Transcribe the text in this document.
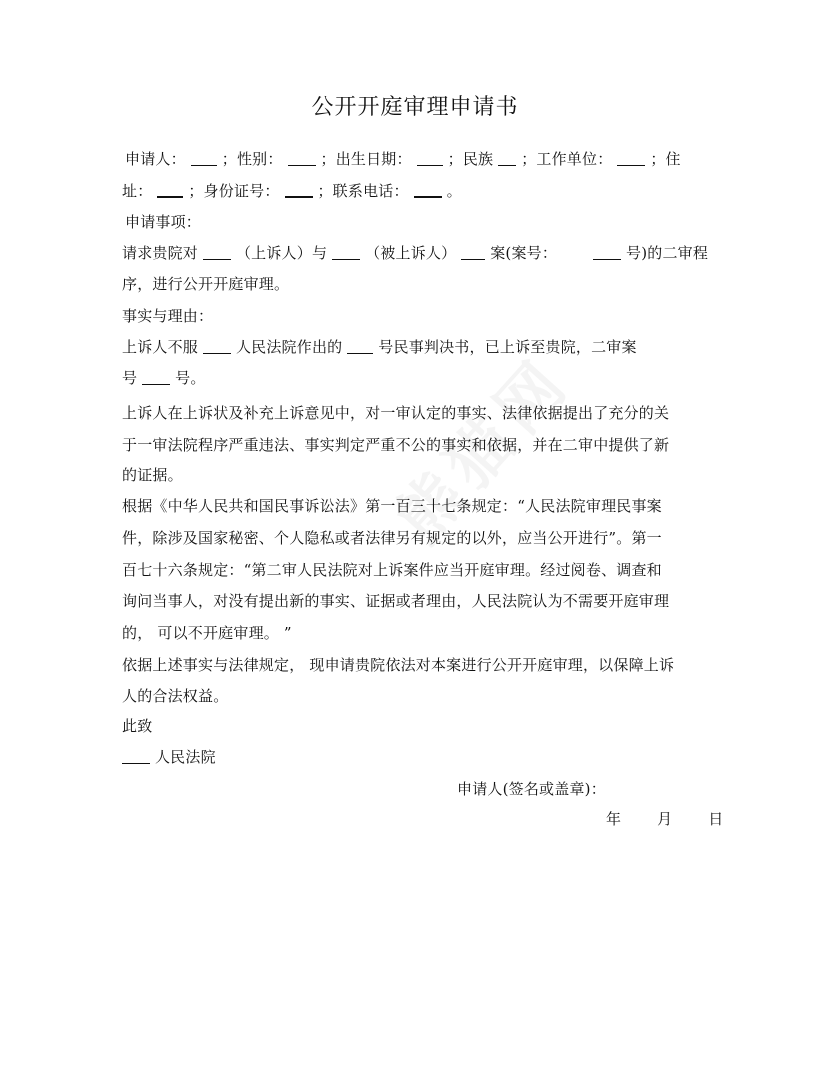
公开开庭审理申请书
申请人： ；性别：	；出生日期： ；民族 ；工作单位：	；住
址： ；身份证号：	；联系电话：	。
申请事项：
请求贵院对	（上诉人）与	（被上诉人） 案(案号：	号)的二审程
序，进行公开开庭审理。
事实与理由：
上诉人不服	人民法院作出的 号民事判决书，已上诉至贵院，二审案
号	号。
上诉人在上诉状及补充上诉意见中，对一审认定的事实、法律依据提出了充分的关
于一审法院程序严重违法、事实判定严重不公的事实和依据，并在二审中提供了新
的证据。
根据《中华人民共和国民事诉讼法》第一百三十七条规定：“人民法院审理民事案
件，除涉及国家秘密、个人隐私或者法律另有规定的以外，应当公开进行”。第一
百七十六条规定：“第二审人民法院对上诉案件应当开庭审理。经过阅卷、调查和
询问当事人，对没有提出新的事实、证据或者理由，人民法院认为不需要开庭审理
的， 可以不开庭审理。 ”
依据上述事实与法律规定， 现申请贵院依法对本案进行公开开庭审理，以保障上诉
人的合法权益。
此致
人民法院
申请人(签名或盖章)：
年 月 日
